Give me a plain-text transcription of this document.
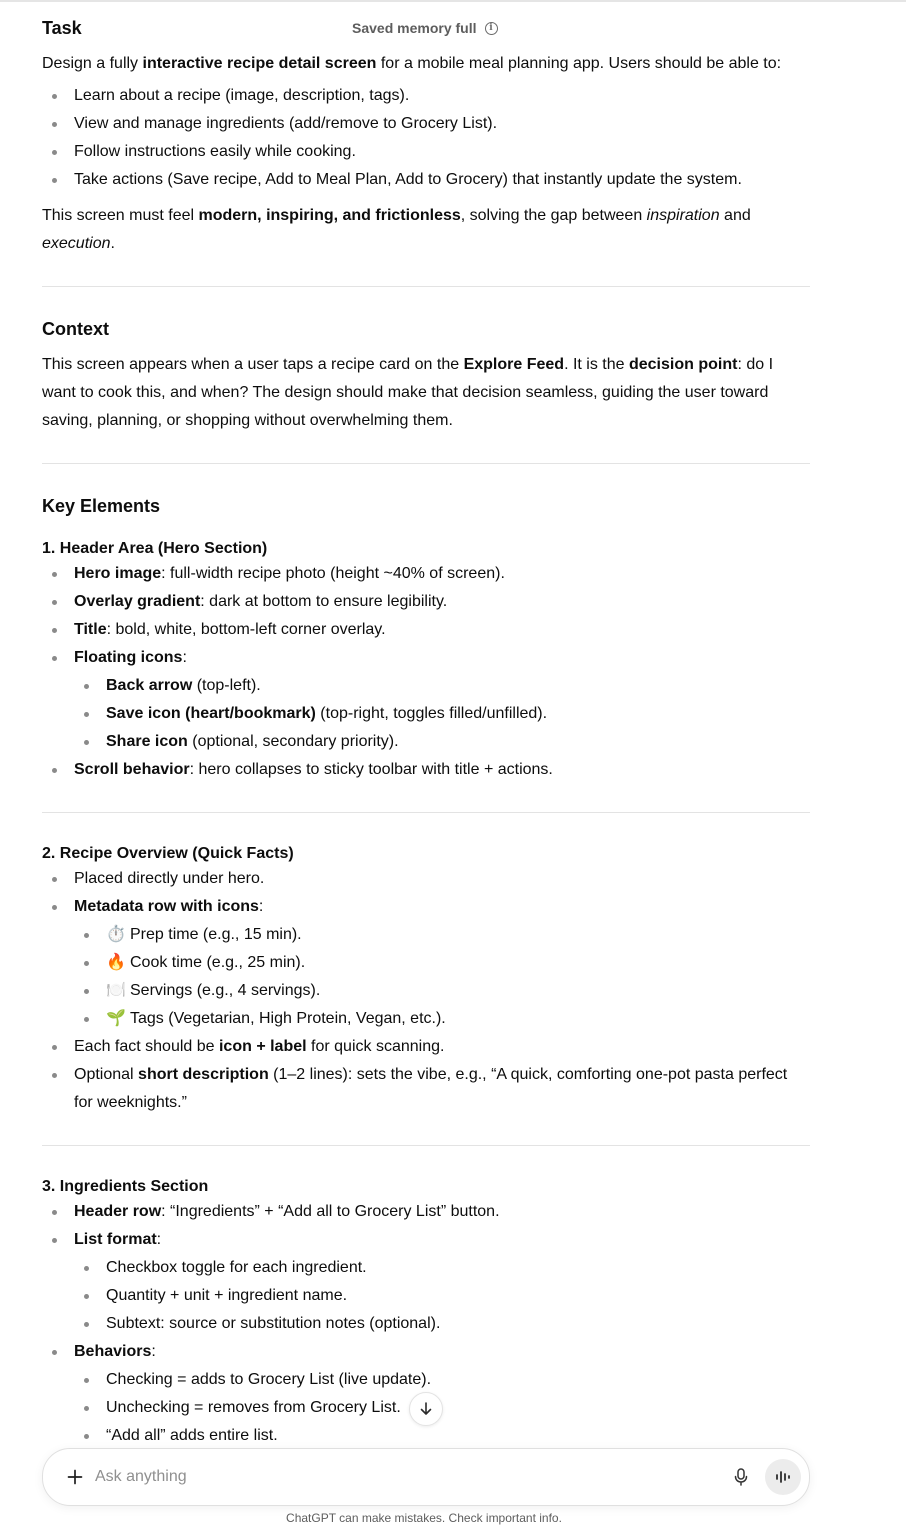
Task	Saved memory full	i

Design a fully interactive recipe detail screen for a mobile meal planning app. Users should be able to:

Learn about a recipe (image, description, tags).
View and manage ingredients (add/remove to Grocery List).
Follow instructions easily while cooking.
Take actions (Save recipe, Add to Meal Plan, Add to Grocery) that instantly update the system.

This screen must feel modern, inspiring, and frictionless, solving the gap between inspiration and
execution.

Context

This screen appears when a user taps a recipe card on the Explore Feed. It is the decision point: do I
want to cook this, and when? The design should make that decision seamless, guiding the user toward
saving, planning, or shopping without overwhelming them.

Key Elements
1. Header Area (Hero Section)
Hero image: full-width recipe photo (height ~40% of screen).
Overlay gradient: dark at bottom to ensure legibility.
Title: bold, white, bottom-left corner overlay.
Floating icons:
Back arrow (top-left).
Save icon (heart/bookmark) (top-right, toggles filled/unfilled).
Share icon (optional, secondary priority).
Scroll behavior: hero collapses to sticky toolbar with title + actions.
2. Recipe Overview (Quick Facts)
Placed directly under hero.
Metadata row with icons:
⏱️ Prep time (e.g., 15 min).
🔥 Cook time (e.g., 25 min).
🍽️ Servings (e.g., 4 servings).
🌱 Tags (Vegetarian, High Protein, Vegan, etc.).
Each fact should be icon + label for quick scanning.
Optional short description (1–2 lines): sets the vibe, e.g., “A quick, comforting one-pot pasta perfect
for weeknights.”
3. Ingredients Section
Header row: “Ingredients” + “Add all to Grocery List” button.
List format:
Checkbox toggle for each ingredient.
Quantity + unit + ingredient name.
Subtext: source or substitution notes (optional).
Behaviors:
Checking = adds to Grocery List (live update).
Unchecking = removes from Grocery List.
“Add all” adds entire list.
Ask anything
ChatGPT can make mistakes. Check important info.
